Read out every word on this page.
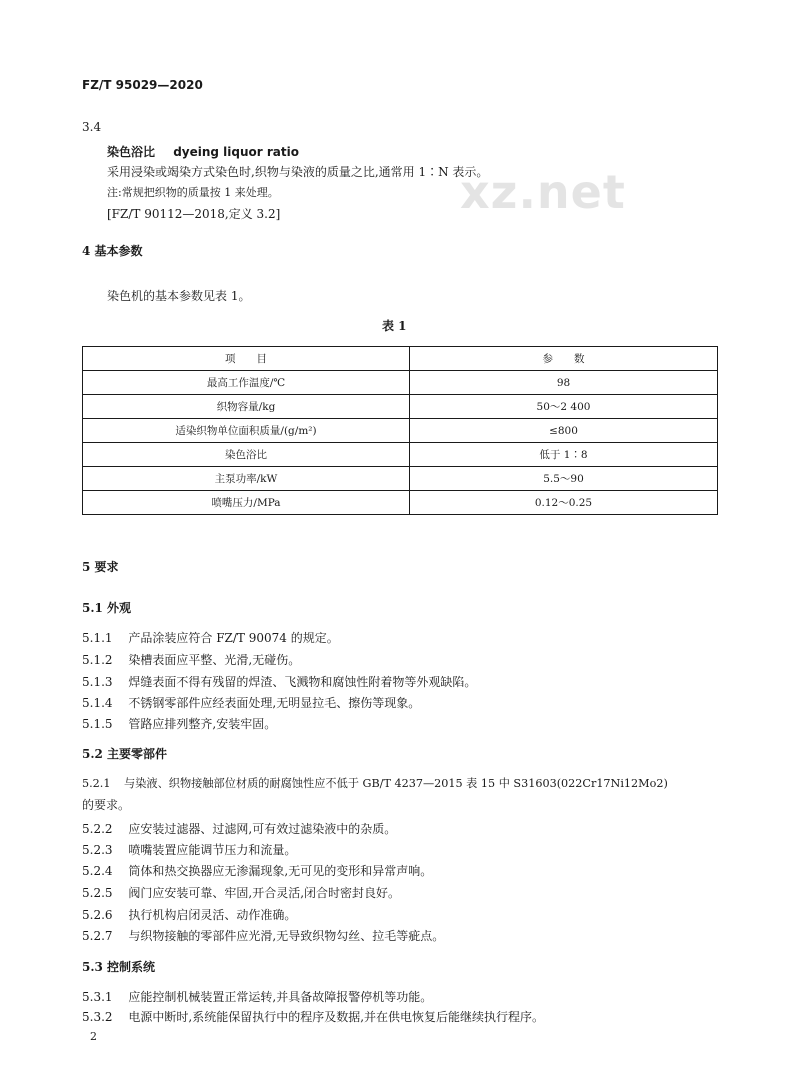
FZ/T 95029—2020
xz.net
3.4
染色浴比 dyeing liquor ratio
采用浸染或竭染方式染色时,织物与染液的质量之比,通常用 1∶N 表示。
注:常规把织物的质量按 1 来处理。
[FZ/T 90112—2018,定义 3.2]
4 基本参数
染色机的基本参数见表 1。
表 1
项　　目	参　　数
最高工作温度/℃	98
织物容量/kg	50～2 400
适染织物单位面积质量/(g/m²)	≤800
染色浴比	低于 1∶8
主泵功率/kW	5.5～90
喷嘴压力/MPa	0.12～0.25
5 要求
5.1 外观
5.1.1 产品涂装应符合 FZ/T 90074 的规定。
5.1.2 染槽表面应平整、光滑,无碰伤。
5.1.3 焊缝表面不得有残留的焊渣、飞溅物和腐蚀性附着物等外观缺陷。
5.1.4 不锈钢零部件应经表面处理,无明显拉毛、擦伤等现象。
5.1.5 管路应排列整齐,安装牢固。
5.2 主要零部件
5.2.1 与染液、织物接触部位材质的耐腐蚀性应不低于 GB/T 4237—2015 表 15 中 S31603(022Cr17Ni12Mo2)
的要求。
5.2.2 应安装过滤器、过滤网,可有效过滤染液中的杂质。
5.2.3 喷嘴装置应能调节压力和流量。
5.2.4 筒体和热交换器应无渗漏现象,无可见的变形和异常声响。
5.2.5 阀门应安装可靠、牢固,开合灵活,闭合时密封良好。
5.2.6 执行机构启闭灵活、动作准确。
5.2.7 与织物接触的零部件应光滑,无导致织物勾丝、拉毛等疵点。
5.3 控制系统
5.3.1 应能控制机械装置正常运转,并具备故障报警停机等功能。
5.3.2 电源中断时,系统能保留执行中的程序及数据,并在供电恢复后能继续执行程序。
2
